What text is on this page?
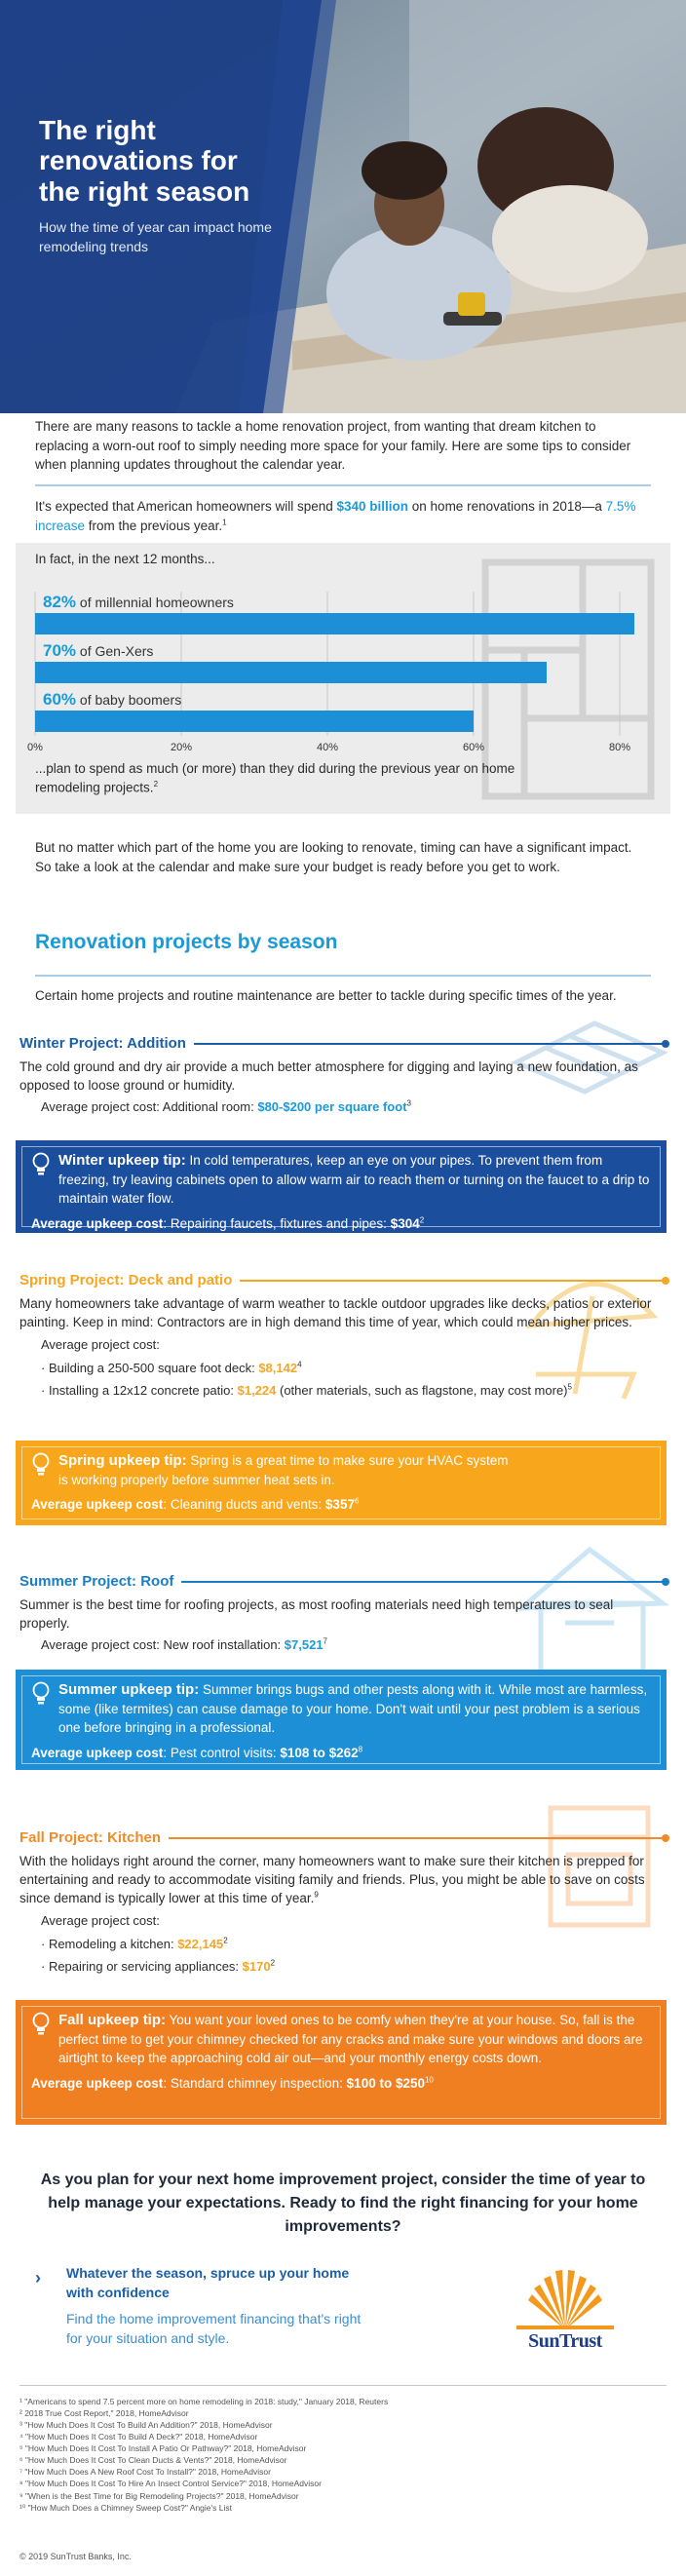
The right renovations for the right season
How the time of year can impact home remodeling trends
There are many reasons to tackle a home renovation project, from wanting that dream kitchen to replacing a worn-out roof to simply needing more space for your family. Here are some tips to consider when planning updates throughout the calendar year.
It's expected that American homeowners will spend $340 billion on home renovations in 2018—a 7.5% increase from the previous year.$^1$
In fact, in the next 12 months...
0%	20%	40%	60%	80%
82% of millennial homeowners
70% of Gen-Xers
60% of baby boomers
...plan to spend as much (or more) than they did during the previous year on home remodeling projects.$^2$
But no matter which part of the home you are looking to renovate, timing can have a significant impact. So take a look at the calendar and make sure your budget is ready before you get to work.
Renovation projects by season
Certain home projects and routine maintenance are better to tackle during specific times of the year.
Winter Project: Addition
The cold ground and dry air provide a much better atmosphere for digging and laying a new foundation, as opposed to loose ground or humidity.
Average project cost: Additional room: $80-$200 per square foot$^3$
Winter upkeep tip: In cold temperatures, keep an eye on your pipes. To prevent them from freezing, try leaving cabinets open to allow warm air to reach them or turning on the faucet to a drip to maintain water flow.
Average upkeep cost: Repairing faucets, fixtures and pipes: $\$304^2$
Spring Project: Deck and patio
Many homeowners take advantage of warm weather to tackle outdoor upgrades like decks, patios or exterior painting. Keep in mind: Contractors are in high demand this time of year, which could mean higher prices.
Average project cost:
· Building a 250-500 square foot deck: $\$8,142^4$
· Installing a 12x12 concrete patio: $1,224 (other materials, such as flagstone, may cost more)$^5$
Spring upkeep tip: Spring is a great time to make sure your HVAC system is working properly before summer heat sets in.
Average upkeep cost: Cleaning ducts and vents: $\$357^6$
Summer Project: Roof
Summer is the best time for roofing projects, as most roofing materials need high temperatures to seal properly.
Average project cost: New roof installation: $7,521$^7$
Summer upkeep tip: Summer brings bugs and other pests along with it. While most are harmless, some (like termites) can cause damage to your home. Don't wait until your pest problem is a serious one before bringing in a professional.
Average upkeep cost: Pest control visits: $108 to $\$262^8$
Fall Project: Kitchen
With the holidays right around the corner, many homeowners want to make sure their kitchen is prepped for entertaining and ready to accommodate visiting family and friends. Plus, you might be able to save on costs since demand is typically lower at this time of year.$^9$
Average project cost:
· Remodeling a kitchen: $\$22,145^2$
· Repairing or servicing appliances: $\$170^2$
Fall upkeep tip: You want your loved ones to be comfy when they're at your house. So, fall is the perfect time to get your chimney checked for any cracks and make sure your windows and doors are airtight to keep the approaching cold air out—and your monthly energy costs down.
Average upkeep cost: Standard chimney inspection: $100 to $\$250^{10}$
As you plan for your next home improvement project, consider the time of year to help manage your expectations. Ready to find the right financing for your home improvements?
›	Whatever the season, spruce up your home with confidence
Find the home improvement financing that's right for your situation and style.	SunTrust
¹ "Americans to spend 7.5 percent more on home remodeling in 2018: study," January 2018, Reuters
² 2018 True Cost Report," 2018, HomeAdvisor
³ "How Much Does It Cost To Build An Addition?" 2018, HomeAdvisor
⁴ "How Much Does It Cost To Build A Deck?" 2018, HomeAdvisor
⁵ "How Much Does It Cost To Install A Patio Or Pathway?" 2018, HomeAdvisor
⁶ "How Much Does It Cost To Clean Ducts & Vents?" 2018, HomeAdvisor
⁷ "How Much Does A New Roof Cost To Install?" 2018, HomeAdvisor
⁸ "How Much Does It Cost To Hire An Insect Control Service?" 2018, HomeAdvisor
⁹ "When is the Best Time for Big Remodeling Projects?" 2018, HomeAdvisor
¹⁰ "How Much Does a Chimney Sweep Cost?" Angie's List
© 2019 SunTrust Banks, Inc.
